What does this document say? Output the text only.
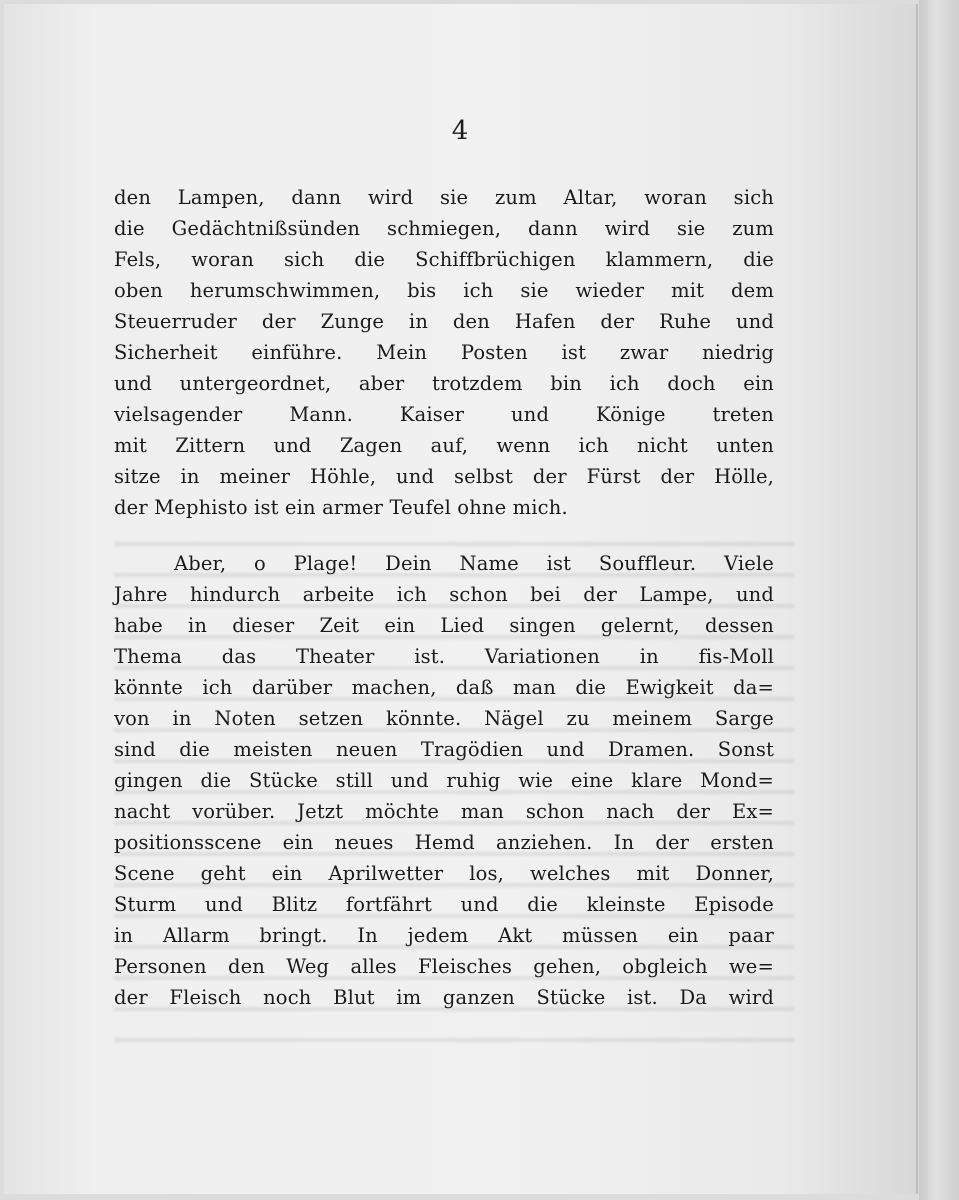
4
den Lampen, dann wird sie zum Altar, woran sich
die Gedächtnißsünden schmiegen, dann wird sie zum
Fels, woran sich die Schiffbrüchigen klammern, die
oben herumschwimmen, bis ich sie wieder mit dem
Steuerruder der Zunge in den Hafen der Ruhe und
Sicherheit einführe. Mein Posten ist zwar niedrig
und untergeordnet, aber trotzdem bin ich doch ein
vielsagender Mann. Kaiser und Könige treten
mit Zittern und Zagen auf, wenn ich nicht unten
sitze in meiner Höhle, und selbst der Fürst der Hölle,
der Mephisto ist ein armer Teufel ohne mich.
Aber, o Plage! Dein Name ist Souffleur. Viele
Jahre hindurch arbeite ich schon bei der Lampe, und
habe in dieser Zeit ein Lied singen gelernt, dessen
Thema das Theater ist. Variationen in fis-Moll
könnte ich darüber machen, daß man die Ewigkeit da=
von in Noten setzen könnte. Nägel zu meinem Sarge
sind die meisten neuen Tragödien und Dramen. Sonst
gingen die Stücke still und ruhig wie eine klare Mond=
nacht vorüber. Jetzt möchte man schon nach der Ex=
positionsscene ein neues Hemd anziehen. In der ersten
Scene geht ein Aprilwetter los, welches mit Donner,
Sturm und Blitz fortfährt und die kleinste Episode
in Allarm bringt. In jedem Akt müssen ein paar
Personen den Weg alles Fleisches gehen, obgleich we=
der Fleisch noch Blut im ganzen Stücke ist. Da wird
